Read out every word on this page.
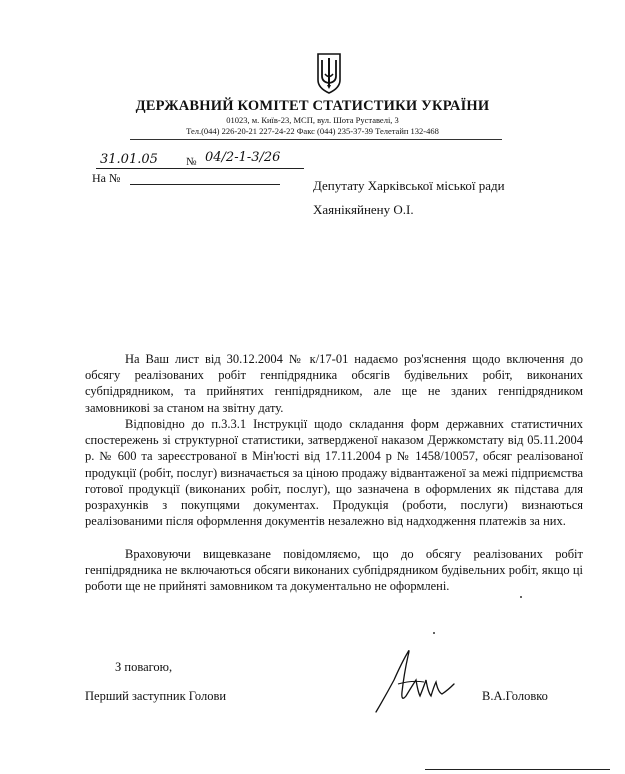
ДЕРЖАВНИЙ КОМІТЕТ СТАТИСТИКИ УКРАЇНИ
01023, м. Київ-23, МСП, вул. Шота Руставелі, 3
Тел.(044) 226-20-21 227-24-22 Факс (044) 235-37-39 Телетайп 132-468
31.01.05	№ 04/2-1-3/26
На №	Депутату Харківської міської ради
Хаянікяйнену О.І.

На Ваш лист від 30.12.2004 № к/17-01 надаємо роз'яснення щодо включення до обсягу реалізованих робіт генпідрядника обсягів будівельних робіт, виконаних субпідрядником, та прийнятих генпідрядником, але ще не зданих генпідрядником замовникові за станом на звітну дату.

Відповідно до п.3.3.1 Інструкції щодо складання форм державних статистичних спостережень зі структурної статистики, затвердженої наказом Держкомстату від 05.11.2004 р. № 600 та зареєстрованої в Мін'юсті від 17.11.2004 р № 1458/10057, обсяг реалізованої продукції (робіт, послуг) визначається за ціною продажу відвантаженої за межі підприємства готової продукції (виконаних робіт, послуг), що зазначена в оформлених як підстава для розрахунків з покупцями документах. Продукція (роботи, послуги) визнаються реалізованими після оформлення документів незалежно від надходження платежів за них.

Враховуючи вищевказане повідомляємо, що до обсягу реалізованих робіт генпідрядника не включаються обсяги виконаних субпідрядником будівельних робіт, якщо ці роботи ще не прийняті замовником та документально не оформлені.

З повагою,
Перший заступник Голови	В.А.Головко
